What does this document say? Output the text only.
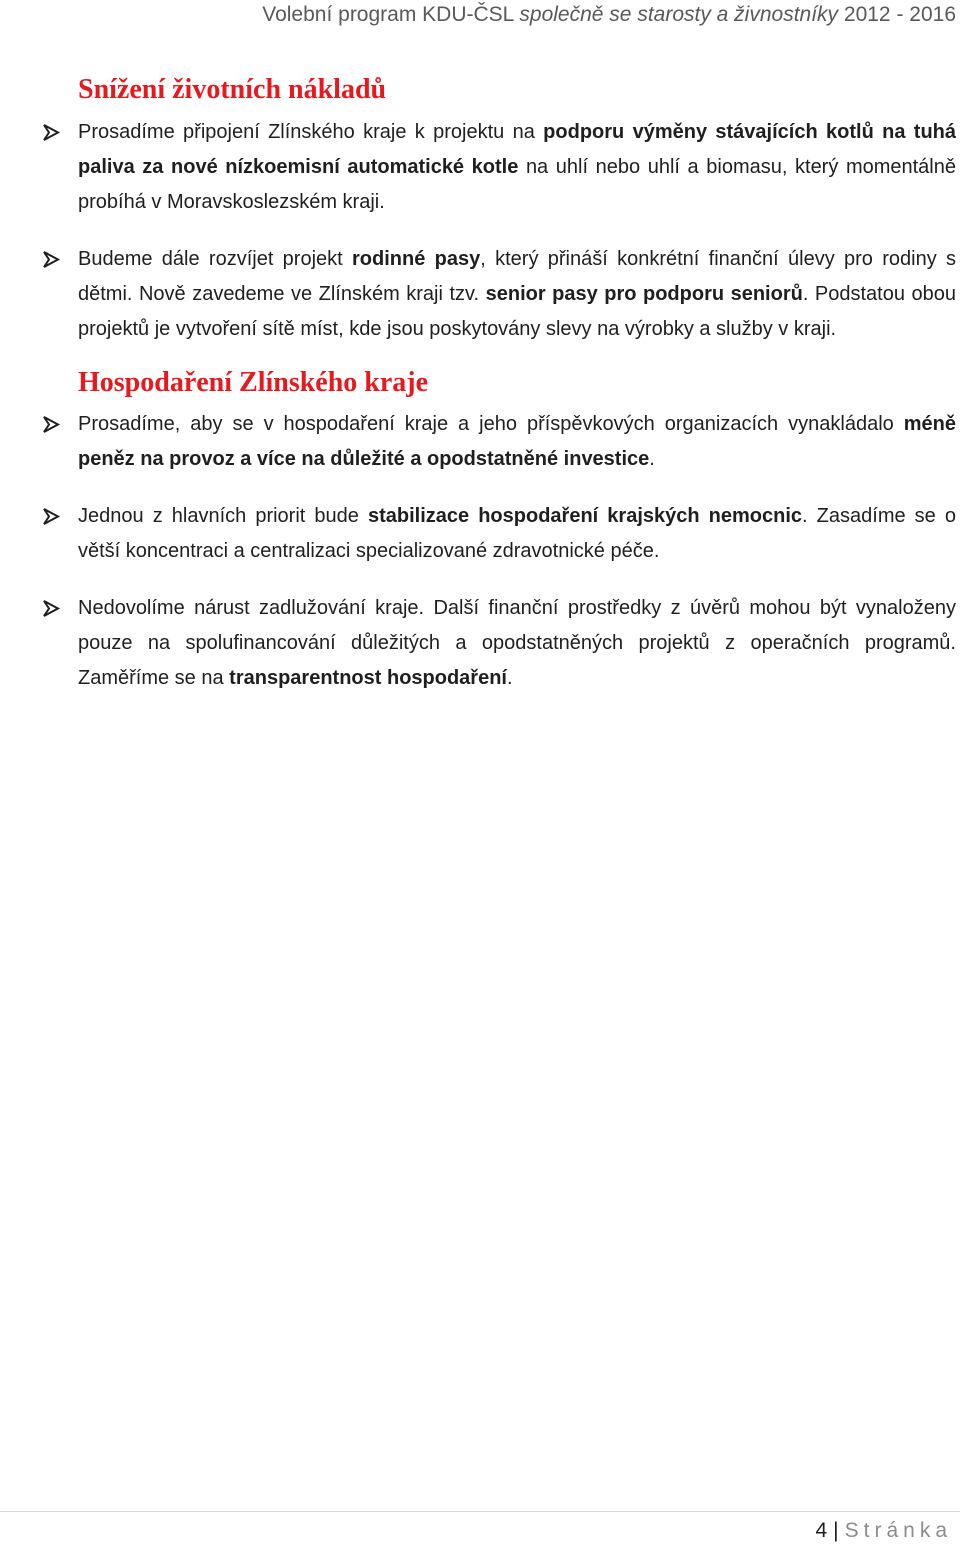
Volební program KDU-ČSL společně se starosty a živnostníky 2012 - 2016
Snížení životních nákladů
Prosadíme připojení Zlínského kraje k projektu na podporu výměny stávajících kotlů na tuhá paliva za nové nízkoemisní automatické kotle na uhlí nebo uhlí a biomasu, který momentálně probíhá v Moravskoslezském kraji.
Budeme dále rozvíjet projekt rodinné pasy, který přináší konkrétní finanční úlevy pro rodiny s dětmi. Nově zavedeme ve Zlínském kraji tzv. senior pasy pro podporu seniorů. Podstatou obou projektů je vytvoření sítě míst, kde jsou poskytovány slevy na výrobky a služby v kraji.
Hospodaření Zlínského kraje
Prosadíme, aby se v hospodaření kraje a jeho příspěvkových organizacích vynakládalo méně peněz na provoz a více na důležité a opodstatněné investice.
Jednou z hlavních priorit bude stabilizace hospodaření krajských nemocnic. Zasadíme se o větší koncentraci a centralizaci specializované zdravotnické péče.
Nedovolíme nárust zadlužování kraje. Další finanční prostředky z úvěrů mohou být vynaloženy pouze na spolufinancování důležitých a opodstatněných projektů z operačních programů. Zaměříme se na transparentnost hospodaření.
4 | Stránka
